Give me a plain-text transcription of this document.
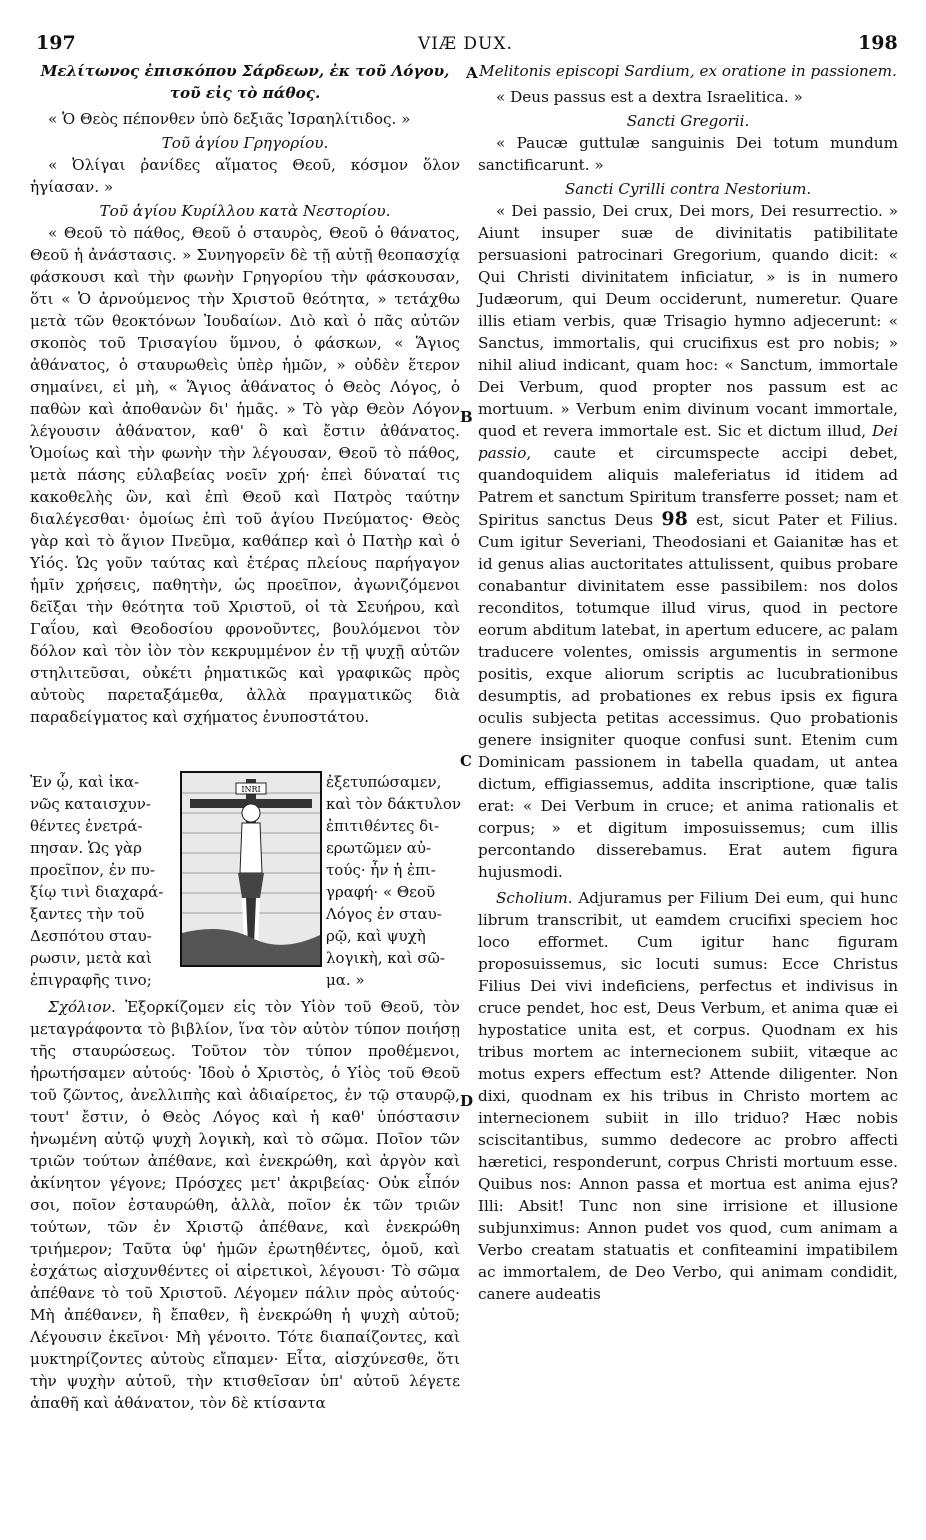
197	VIÆ DUX.	198

Μελίτωνος ἐπισκόπου Σάρδεων, ἐκ τοῦ Λόγου, τοῦ εἰς τὸ πάθος.

« Ὁ Θεὸς πέπονθεν ὑπὸ δεξιᾶς Ἰσραηλίτιδος. »

Τοῦ ἁγίου Γρηγορίου.

« Ὀλίγαι ῥανίδες αἵματος Θεοῦ, κόσμον ὅλον ἡγίασαν. »

Τοῦ ἁγίου Κυρίλλου κατὰ Νεστορίου.

« Θεοῦ τὸ πάθος, Θεοῦ ὁ σταυρὸς, Θεοῦ ὁ θάνατος, Θεοῦ ἡ ἀνάστασις. » Συνηγορεῖν δὲ τῇ αὐτῇ θεοπασχίᾳ φάσκουσι καὶ τὴν φωνὴν Γρηγορίου τὴν φάσκουσαν, ὅτι « Ὁ ἀρνούμενος τὴν Χριστοῦ θεότητα, » τετάχθω μετὰ τῶν θεοκτόνων Ἰουδαίων. Διὸ καὶ ὁ πᾶς αὐτῶν σκοπὸς τοῦ Τρισαγίου ὕμνου, ὁ φάσκων, « Ἅγιος ἀθάνατος, ὁ σταυρωθεὶς ὑπὲρ ἡμῶν, » οὐδὲν ἕτερον σημαίνει, εἰ μὴ, « Ἅγιος ἀθάνατος ὁ Θεὸς Λόγος, ὁ παθὼν καὶ ἀποθανὼν δι' ἡμᾶς. » Τὸ γὰρ Θεὸν Λόγον λέγουσιν ἀθάνατον, καθ' ὃ καὶ ἔστιν ἀθάνατος. Ὁμοίως καὶ τὴν φωνὴν τὴν λέγουσαν, Θεοῦ τὸ πάθος, μετὰ πάσης εὐλαβείας νοεῖν χρή· ἐπεὶ δύναταί τις κακοθελὴς ὢν, καὶ ἐπὶ Θεοῦ καὶ Πατρὸς ταύτην διαλέγεσθαι· ὁμοίως ἐπὶ τοῦ ἁγίου Πνεύματος· Θεὸς γὰρ καὶ τὸ ἅγιον Πνεῦμα, καθάπερ καὶ ὁ Πατὴρ καὶ ὁ Υἱός. Ὡς γοῦν ταύτας καὶ ἑτέρας πλείους παρήγαγον ἡμῖν χρήσεις, παθητὴν, ὡς προεῖπον, ἀγωνιζόμενοι δεῖξαι τὴν θεότητα τοῦ Χριστοῦ, οἱ τὰ Σευήρου, καὶ Γαΐου, καὶ Θεοδοσίου φρονοῦντες, βουλόμενοι τὸν δόλον καὶ τὸν ἰὸν τὸν κεκρυμμένον ἐν τῇ ψυχῇ αὐτῶν στηλιτεῦσαι, οὐκέτι ῥηματικῶς καὶ γραφικῶς πρὸς αὐτοὺς παρεταξάμεθα, ἀλλὰ πραγματικῶς διὰ παραδείγματος καὶ σχήματος ἐνυποστάτου.

Ἐν ᾧ, καὶ ἱκα-

νῶς καταισχυν-

θέντες ἐνετρά-

πησαν. Ὡς γὰρ

προεῖπον, ἐν πυ-

ξίῳ τινὶ διαχαρά-

ξαντες τὴν τοῦ

Δεσπότου σταυ-

ρωσιν, μετὰ καὶ

ἐπιγραφῆς τινο;

INRI	ἐξετυπώσαμεν,

καὶ τὸν δάκτυλον

ἐπιτιθέντες δι-

ερωτῶμεν αὐ-

τούς· ἦν ἡ ἐπι-

γραφή· « Θεοῦ

Λόγος ἐν σταυ-

ρῷ, καὶ ψυχὴ

λογικὴ, καὶ σῶ-

μα. »

Σχόλιον. Ἐξορκίζομεν εἰς τὸν Υἱὸν τοῦ Θεοῦ, τὸν μεταγράφοντα τὸ βιβλίον, ἵνα τὸν αὐτὸν τύπον ποιήσῃ τῆς σταυρώσεως. Τοῦτον τὸν τύπον προθέμενοι, ἠρωτήσαμεν αὐτούς· Ἰδοὺ ὁ Χριστὸς, ὁ Υἱὸς τοῦ Θεοῦ τοῦ ζῶντος, ἀνελλιπὴς καὶ ἀδιαίρετος, ἐν τῷ σταυρῷ, τουτ' ἔστιν, ὁ Θεὸς Λόγος καὶ ἡ καθ' ὑπόστασιν ἡνωμένη αὐτῷ ψυχὴ λογικὴ, καὶ τὸ σῶμα. Ποῖον τῶν τριῶν τούτων ἀπέθανε, καὶ ἐνεκρώθη, καὶ ἀργὸν καὶ ἀκίνητον γέγονε; Πρόσχες μετ' ἀκριβείας· Οὐκ εἶπόν σοι, ποῖον ἐσταυρώθη, ἀλλὰ, ποῖον ἐκ τῶν τριῶν τούτων, τῶν ἐν Χριστῷ ἀπέθανε, καὶ ἐνεκρώθη τριήμερον; Ταῦτα ὑφ' ἡμῶν ἐρωτηθέντες, ὁμοῦ, καὶ ἐσχάτως αἰσχυνθέντες οἱ αἱρετικοὶ, λέγουσι· Τὸ σῶμα ἀπέθανε τὸ τοῦ Χριστοῦ. Λέγομεν πάλιν πρὸς αὐτούς· Μὴ ἀπέθανεν, ἢ ἔπαθεν, ἢ ἐνεκρώθη ἡ ψυχὴ αὐτοῦ; Λέγουσιν ἐκεῖνοι· Μὴ γένοιτο. Τότε διαπαίζοντες, καὶ μυκτηρίζοντες αὐτοὺς εἴπαμεν· Εἶτα, αἰσχύνεσθε, ὅτι τὴν ψυχὴν αὐτοῦ, τὴν κτισθεῖσαν ὑπ' αὐτοῦ λέγετε ἀπαθῆ καὶ ἀθάνατον, τὸν δὲ κτίσαντα

A
B
C
D

Melitonis episcopi Sardium, ex oratione in passionem.

« Deus passus est a dextra Israelitica. »

Sancti Gregorii.

« Paucæ guttulæ sanguinis Dei totum mundum sanctificarunt. »

Sancti Cyrilli contra Nestorium.

« Dei passio, Dei crux, Dei mors, Dei resurrectio. » Aiunt insuper suæ de divinitatis patibilitate persuasioni patrocinari Gregorium, quando dicit: « Qui Christi divinitatem inficiatur, » is in numero Judæorum, qui Deum occiderunt, numeretur. Quare illis etiam verbis, quæ Trisagio hymno adjecerunt: « Sanctus, immortalis, qui crucifixus est pro nobis; » nihil aliud indicant, quam hoc: « Sanctum, immortale Dei Verbum, quod propter nos passum est ac mortuum. » Verbum enim divinum vocant immortale, quod et revera immortale est. Sic et dictum illud, Dei passio, caute et circumspecte accipi debet, quandoquidem aliquis maleferiatus id itidem ad Patrem et sanctum Spiritum transferre posset; nam et Spiritus sanctus Deus 98 est, sicut Pater et Filius. Cum igitur Severiani, Theodosiani et Gaianitæ has et id genus alias auctoritates attulissent, quibus probare conabantur divinitatem esse passibilem: nos dolos reconditos, totumque illud virus, quod in pectore eorum abditum latebat, in apertum educere, ac palam traducere volentes, omissis argumentis in sermone positis, exque aliorum scriptis ac lucubrationibus desumptis, ad probationes ex rebus ipsis ex figura oculis subjecta petitas accessimus. Quo probationis genere insigniter quoque confusi sunt. Etenim cum Dominicam passionem in tabella quadam, ut antea dictum, effigiassemus, addita inscriptione, quæ talis erat: « Dei Verbum in cruce; et anima rationalis et corpus; » et digitum imposuissemus; cum illis percontando disserebamus. Erat autem figura hujusmodi.

Scholium. Adjuramus per Filium Dei eum, qui hunc librum transcribit, ut eamdem crucifixi speciem hoc loco efformet. Cum igitur hanc figuram proposuissemus, sic locuti sumus: Ecce Christus Filius Dei vivi indeficiens, perfectus et indivisus in cruce pendet, hoc est, Deus Verbum, et anima quæ ei hypostatice unita est, et corpus. Quodnam ex his tribus mortem ac internecionem subiit, vitæque ac motus expers effectum est? Attende diligenter. Non dixi, quodnam ex his tribus in Christo mortem ac internecionem subiit in illo triduo? Hæc nobis sciscitantibus, summo dedecore ac probro affecti hæretici, responderunt, corpus Christi mortuum esse. Quibus nos: Annon passa et mortua est anima ejus? Illi: Absit! Tunc non sine irrisione et illusione subjunximus: Annon pudet vos quod, cum animam a Verbo creatam statuatis et confiteamini impatibilem ac immortalem, de Deo Verbo, qui animam condidit, canere audeatis
